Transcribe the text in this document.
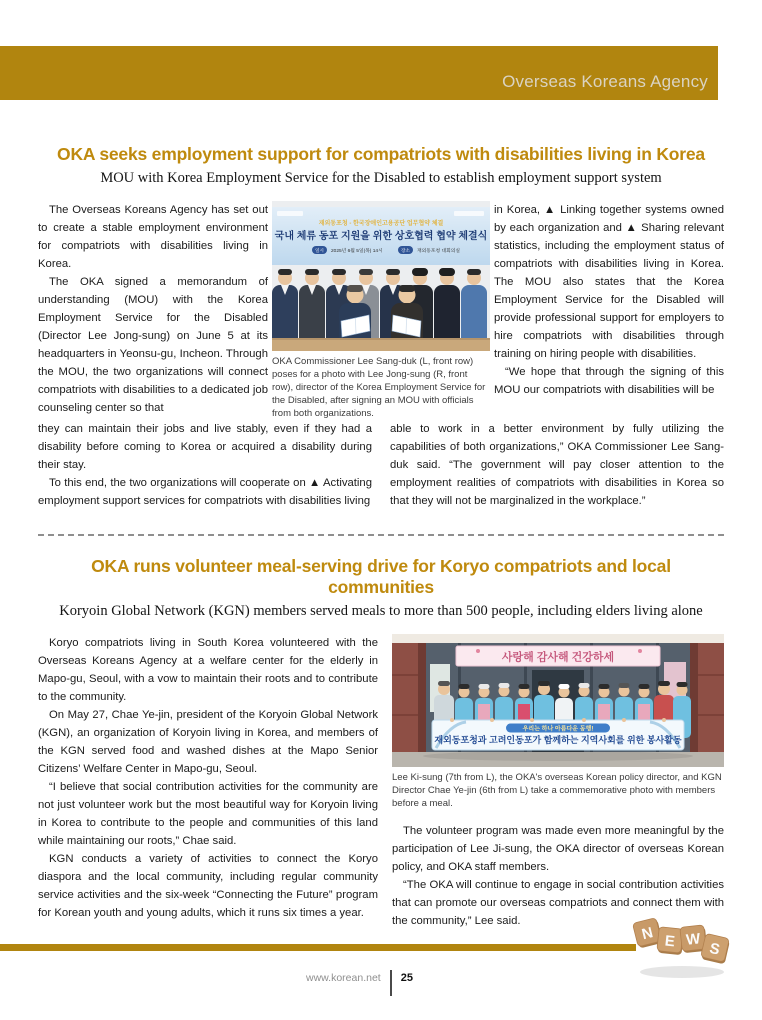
Overseas Koreans Agency
OKA seeks employment support for compatriots with disabilities living in Korea
MOU with Korea Employment Service for the Disabled to establish employment support system

The Overseas Koreans Agency has set out to create a stable employment environment for compatriots with disabilities living in Korea.

The OKA signed a memorandum of understanding (MOU) with the Korea Employment Service for the Disabled (Director Lee Jong-sung) on June 5 at its headquarters in Yeonsu-gu, Incheon. Through the MOU, the two organizations will connect compatriots with disabilities to a dedicated job counseling center so that

재외동포청 - 한국장애인고용공단 업무협약 체결
국내 체류 동포 지원을 위한 상호협력 협약 체결식
일시 2025년 6월 5일(목) 14시	장소 재외동포청 대회의실
OKA Commissioner Lee Sang-duk (L, front row) poses for a photo with Lee Jong-sung (R, front row), director of the Korea Employment Service for the Disabled, after signing an MOU with officials from both organizations.

in Korea, ▲ Linking together systems owned by each organization and ▲ Sharing relevant statistics, including the employment status of compatriots with disabilities living in Korea. The MOU also states that the Korea Employment Service for the Disabled will provide professional support for employers to hire compatriots with disabilities through training on hiring people with disabilities.

“We hope that through the signing of this MOU our compatriots with disabilities will be

they can maintain their jobs and live stably, even if they had a disability before coming to Korea or acquired a disability during their stay.

To this end, the two organizations will cooperate on ▲ Activating employment support services for compatriots with disabilities living

able to work in a better environment by fully utilizing the capabilities of both organizations,” OKA Commissioner Lee Sang-duk said. “The government will pay closer attention to the employment realities of compatriots with disabilities in Korea so that they will not be marginalized in the workplace.”

OKA runs volunteer meal-serving drive for Koryo compatriots and local communities
Koryoin Global Network (KGN) members served meals to more than 500 people, including elders living alone

Koryo compatriots living in South Korea volunteered with the Overseas Koreans Agency at a welfare center for the elderly in Mapo-gu, Seoul, with a vow to maintain their roots and to contribute to the community.

On May 27, Chae Ye-jin, president of the Koryoin Global Network (KGN), an organization of Koryoin living in Korea, and members of the KGN served food and washed dishes at the Mapo Senior Citizens’ Welfare Center in Mapo-gu, Seoul.

“I believe that social contribution activities for the community are not just volunteer work but the most beautiful way for Koryoin living in Korea to contribute to the people and communities of this land while maintaining our roots,” Chae said.

KGN conducts a variety of activities to connect the Koryo diaspora and the local community, including regular community service activities and the six-week “Connecting the Future” program for Korean youth and young adults, which it runs six times a year.

사랑해 감사해 건강하세
우리는 하나 아름다운 동행!
재외동포청과 고려인동포가 함께하는 지역사회를 위한 봉사활동
Lee Ki-sung (7th from L), the OKA's overseas Korean policy director, and KGN Director Chae Ye-jin (6th from L) take a commemorative photo with members before a meal.

The volunteer program was made even more meaningful by the participation of Lee Ji-sung, the OKA director of overseas Korean policy, and OKA staff members.

“The OKA will continue to engage in social contribution activities that can promote our overseas compatriots and connect them with the community,” Lee said.

N E W
S
www.korean.net 25
